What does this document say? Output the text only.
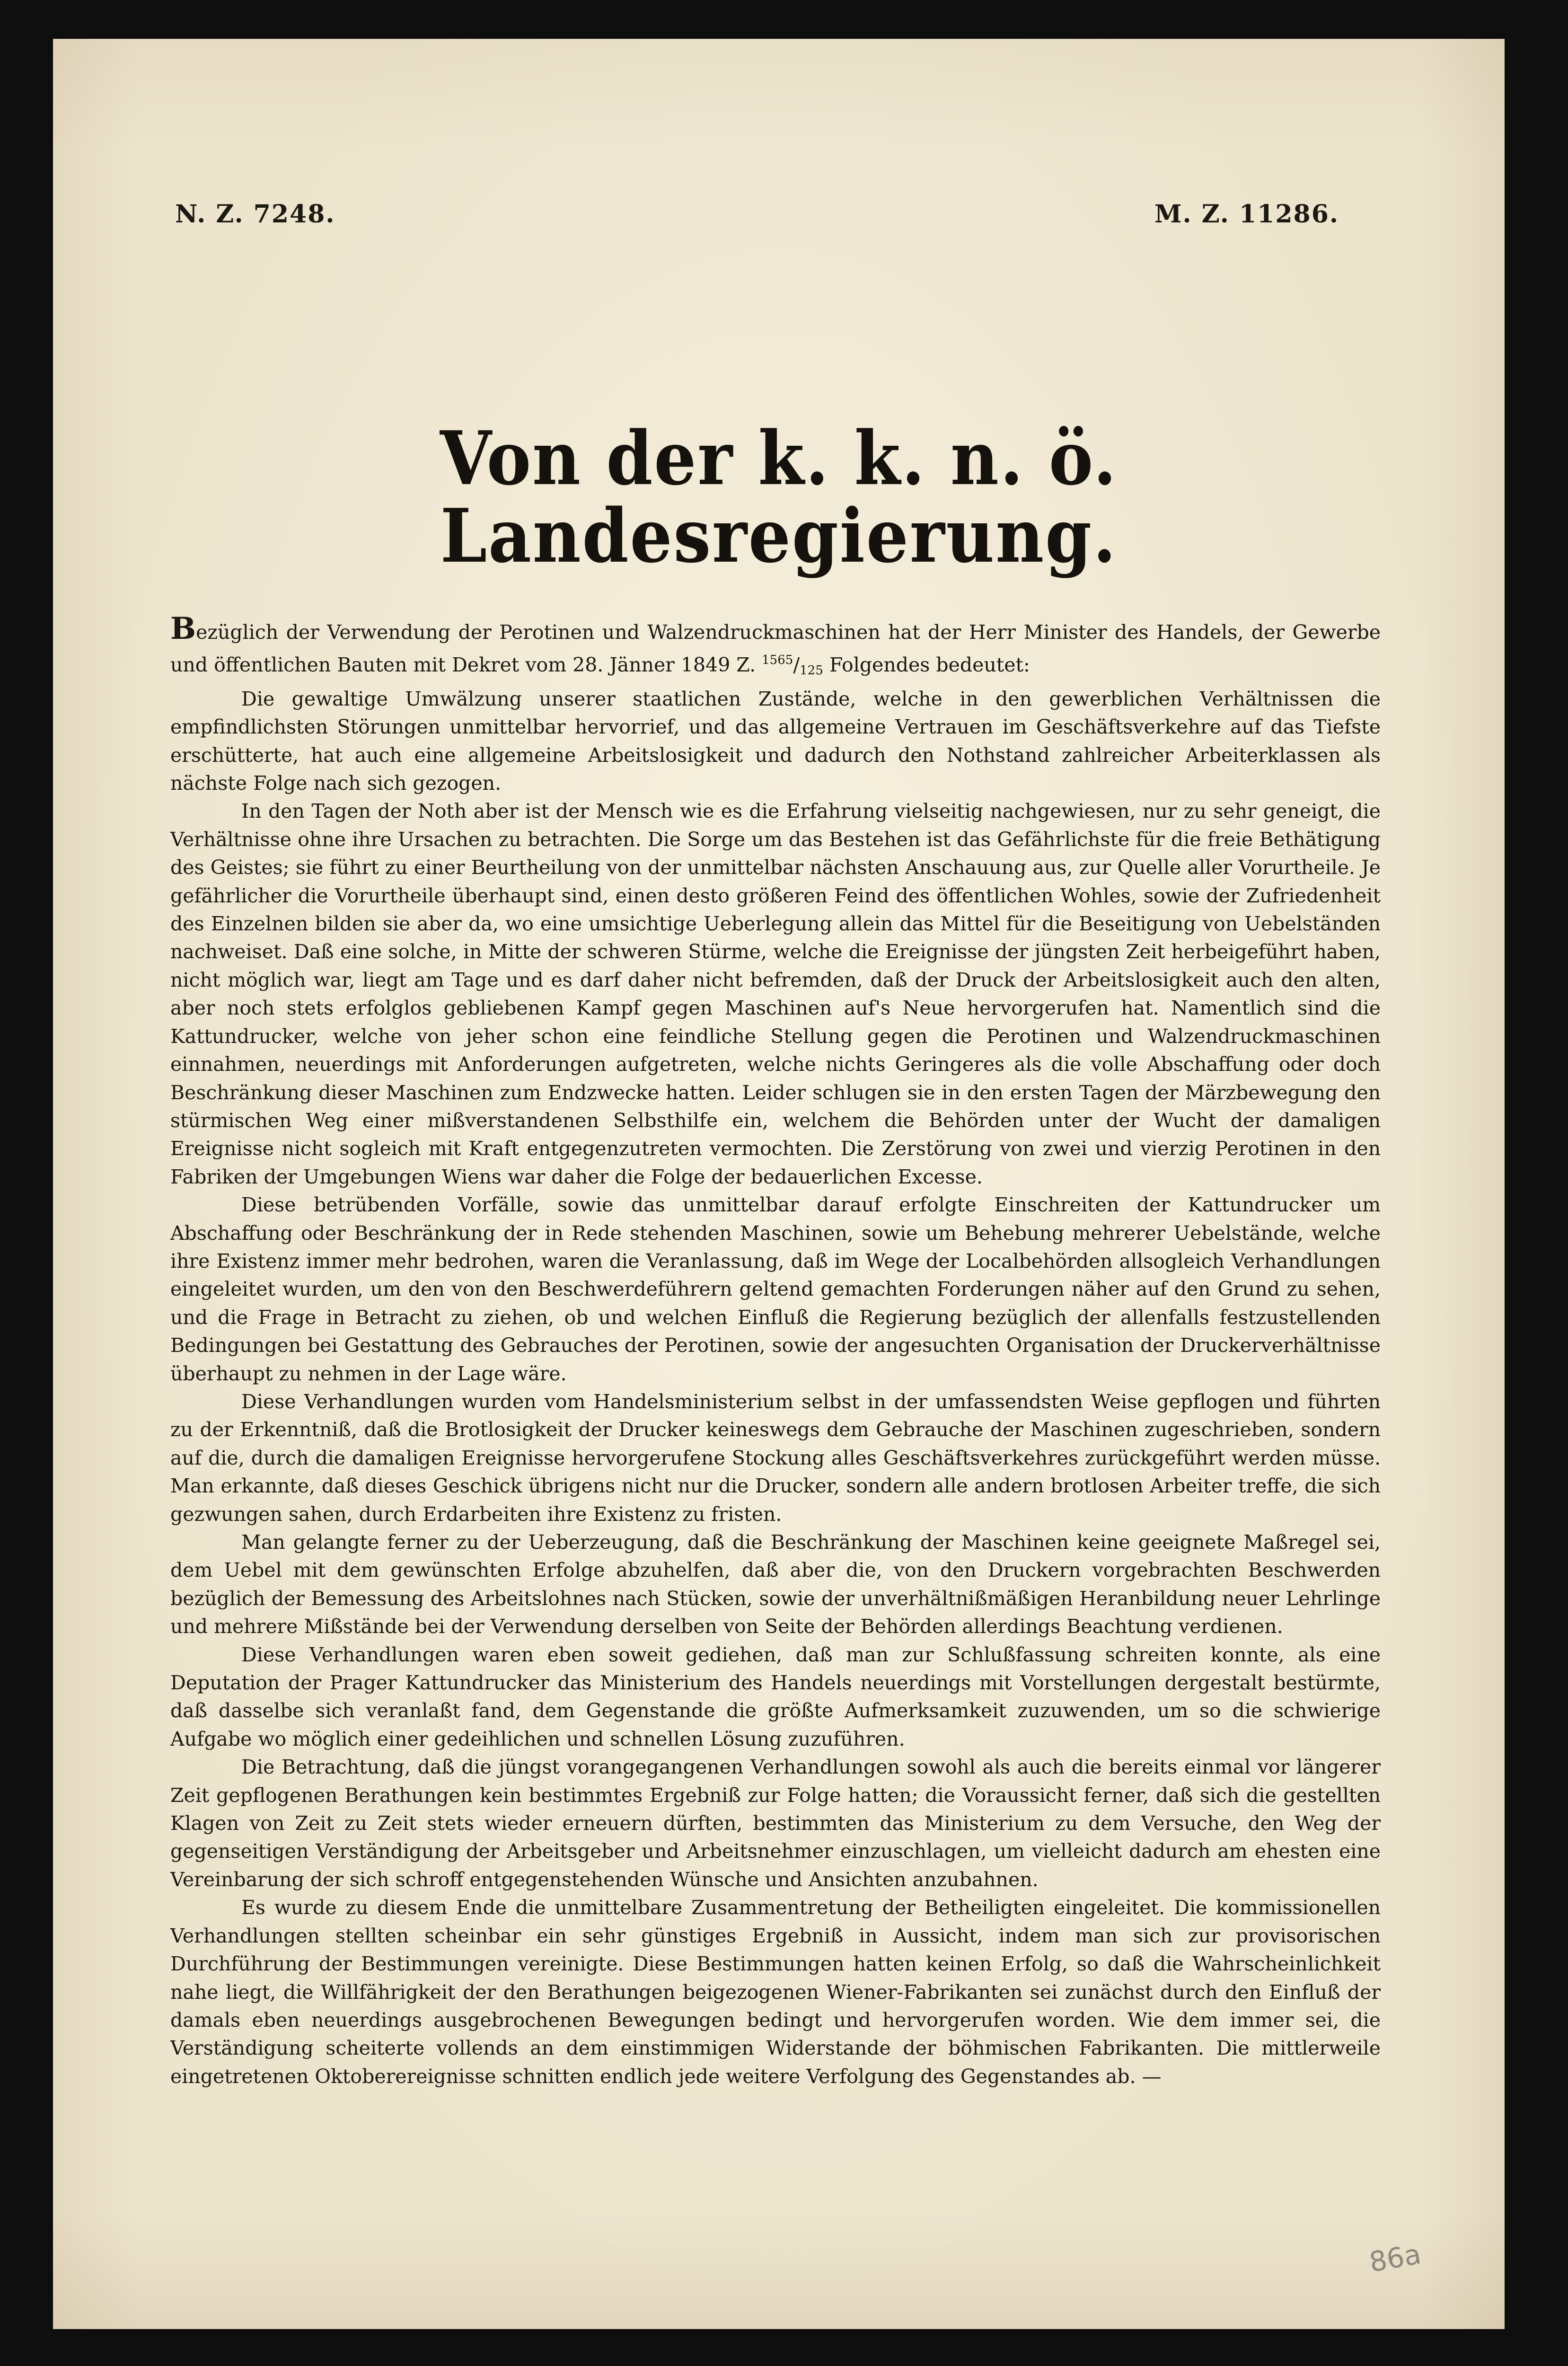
N. Z. 7248.	M. Z. 11286.
Von der k. k. n. ö. Landesregierung.

Bezüglich der Verwendung der Perotinen und Walzendruckmaschinen hat der Herr Minister des Handels, der Gewerbe und öffentlichen Bauten mit Dekret vom 28. Jänner 1849 Z. $^{1565}/_{125}$ Folgendes bedeutet:

Die gewaltige Umwälzung unserer staatlichen Zustände, welche in den gewerblichen Verhältnissen die empfindlichsten Störungen unmittelbar hervorrief, und das allgemeine Vertrauen im Geschäftsverkehre auf das Tiefste erschütterte, hat auch eine allgemeine Arbeitslosigkeit und dadurch den Nothstand zahlreicher Arbeiterklassen als nächste Folge nach sich gezogen.

In den Tagen der Noth aber ist der Mensch wie es die Erfahrung vielseitig nachgewiesen, nur zu sehr geneigt, die Verhältnisse ohne ihre Ursachen zu betrachten. Die Sorge um das Bestehen ist das Gefährlichste für die freie Bethätigung des Geistes; sie führt zu einer Beurtheilung von der unmittelbar nächsten Anschauung aus, zur Quelle aller Vorurtheile. Je gefährlicher die Vorurtheile überhaupt sind, einen desto größeren Feind des öffentlichen Wohles, sowie der Zufriedenheit des Einzelnen bilden sie aber da, wo eine umsichtige Ueberlegung allein das Mittel für die Beseitigung von Uebelständen nachweiset. Daß eine solche, in Mitte der schweren Stürme, welche die Ereignisse der jüngsten Zeit herbeigeführt haben, nicht möglich war, liegt am Tage und es darf daher nicht befremden, daß der Druck der Arbeitslosigkeit auch den alten, aber noch stets erfolglos gebliebenen Kampf gegen Maschinen auf's Neue hervorgerufen hat. Namentlich sind die Kattundrucker, welche von jeher schon eine feindliche Stellung gegen die Perotinen und Walzendruckmaschinen einnahmen, neuerdings mit Anforderungen aufgetreten, welche nichts Geringeres als die volle Abschaffung oder doch Beschränkung dieser Maschinen zum Endzwecke hatten. Leider schlugen sie in den ersten Tagen der Märzbewegung den stürmischen Weg einer mißverstandenen Selbsthilfe ein, welchem die Behörden unter der Wucht der damaligen Ereignisse nicht sogleich mit Kraft entgegenzutreten vermochten. Die Zerstörung von zwei und vierzig Perotinen in den Fabriken der Umgebungen Wiens war daher die Folge der bedauerlichen Excesse.

Diese betrübenden Vorfälle, sowie das unmittelbar darauf erfolgte Einschreiten der Kattundrucker um Abschaffung oder Beschränkung der in Rede stehenden Maschinen, sowie um Behebung mehrerer Uebelstände, welche ihre Existenz immer mehr bedrohen, waren die Veranlassung, daß im Wege der Localbehörden allsogleich Verhandlungen eingeleitet wurden, um den von den Beschwerdeführern geltend gemachten Forderungen näher auf den Grund zu sehen, und die Frage in Betracht zu ziehen, ob und welchen Einfluß die Regierung bezüglich der allenfalls festzustellenden Bedingungen bei Gestattung des Gebrauches der Perotinen, sowie der angesuchten Organisation der Druckerverhältnisse überhaupt zu nehmen in der Lage wäre.

Diese Verhandlungen wurden vom Handelsministerium selbst in der umfassendsten Weise gepflogen und führten zu der Erkenntniß, daß die Brotlosigkeit der Drucker keineswegs dem Gebrauche der Maschinen zugeschrieben, sondern auf die, durch die damaligen Ereignisse hervorgerufene Stockung alles Geschäftsverkehres zurückgeführt werden müsse. Man erkannte, daß dieses Geschick übrigens nicht nur die Drucker, sondern alle andern brotlosen Arbeiter treffe, die sich gezwungen sahen, durch Erdarbeiten ihre Existenz zu fristen.

Man gelangte ferner zu der Ueberzeugung, daß die Beschränkung der Maschinen keine geeignete Maßregel sei, dem Uebel mit dem gewünschten Erfolge abzuhelfen, daß aber die, von den Druckern vorgebrachten Beschwerden bezüglich der Bemessung des Arbeitslohnes nach Stücken, sowie der unverhältnißmäßigen Heranbildung neuer Lehrlinge und mehrere Mißstände bei der Verwendung derselben von Seite der Behörden allerdings Beachtung verdienen.

Diese Verhandlungen waren eben soweit gediehen, daß man zur Schlußfassung schreiten konnte, als eine Deputation der Prager Kattundrucker das Ministerium des Handels neuerdings mit Vorstellungen dergestalt bestürmte, daß dasselbe sich veranlaßt fand, dem Gegenstande die größte Aufmerksamkeit zuzuwenden, um so die schwierige Aufgabe wo möglich einer gedeihlichen und schnellen Lösung zuzuführen.

Die Betrachtung, daß die jüngst vorangegangenen Verhandlungen sowohl als auch die bereits einmal vor längerer Zeit gepflogenen Berathungen kein bestimmtes Ergebniß zur Folge hatten; die Voraussicht ferner, daß sich die gestellten Klagen von Zeit zu Zeit stets wieder erneuern dürften, bestimmten das Ministerium zu dem Versuche, den Weg der gegenseitigen Verständigung der Arbeitsgeber und Arbeitsnehmer einzuschlagen, um vielleicht dadurch am ehesten eine Vereinbarung der sich schroff entgegenstehenden Wünsche und Ansichten anzubahnen.

Es wurde zu diesem Ende die unmittelbare Zusammentretung der Betheiligten eingeleitet. Die kommissionellen Verhandlungen stellten scheinbar ein sehr günstiges Ergebniß in Aussicht, indem man sich zur provisorischen Durchführung der Bestimmungen vereinigte. Diese Bestimmungen hatten keinen Erfolg, so daß die Wahrscheinlichkeit nahe liegt, die Willfährigkeit der den Berathungen beigezogenen Wiener-Fabrikanten sei zunächst durch den Einfluß der damals eben neuerdings ausgebrochenen Bewegungen bedingt und hervorgerufen worden. Wie dem immer sei, die Verständigung scheiterte vollends an dem einstimmigen Widerstande der böhmischen Fabrikanten. Die mittlerweile eingetretenen Oktoberereignisse schnitten endlich jede weitere Verfolgung des Gegenstandes ab. —

86a
